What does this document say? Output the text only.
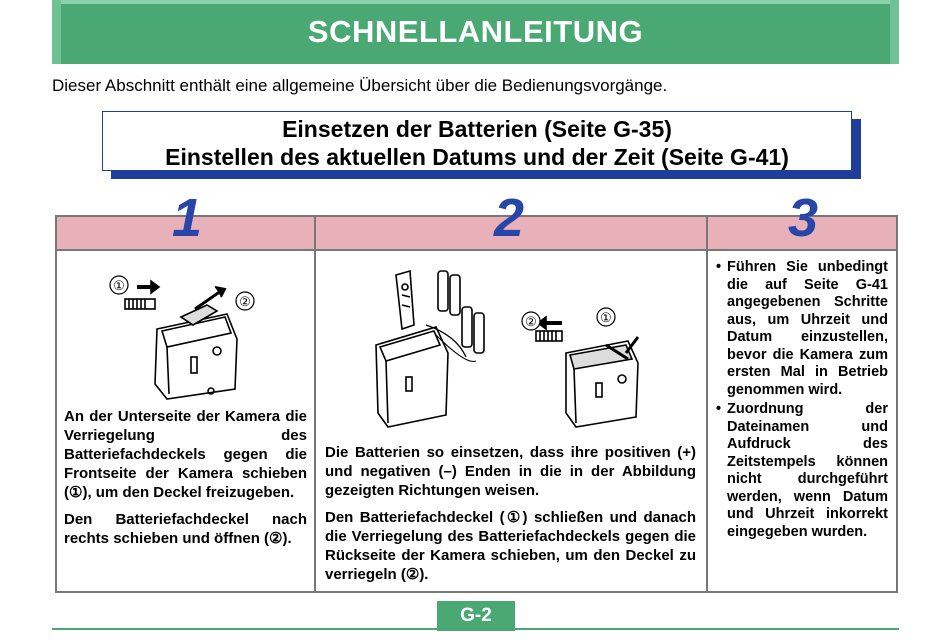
SCHNELLANLEITUNG
Dieser Abschnitt enthält eine allgemeine Übersicht über die Bedienungsvorgänge.
Einsetzen der Batterien (Seite G-35)
Einstellen des aktuellen Datums und der Zeit (Seite G-41)
1
①
②

An der Unterseite der Kamera die Verriegelung des Batteriefachdeckels gegen die Frontseite der Kamera schieben (①), um den Deckel freizugeben.

Den Batteriefachdeckel nach rechts schieben und öffnen (②).

2
②	①

Die Batterien so einsetzen, dass ihre positiven (+) und negativen (–) Enden in die in der Abbildung gezeigten Richtungen weisen.

Den Batteriefachdeckel (①) schließen und danach die Verriegelung des Batteriefachdeckels gegen die Rückseite der Kamera schieben, um den Deckel zu verriegeln (②).

3
• Führen Sie unbedingt die auf Seite G-41 angegebenen Schritte aus, um Uhrzeit und Datum einzustellen, bevor die Kamera zum ersten Mal in Betrieb genommen wird.
• Zuordnung der Dateinamen und Aufdruck des Zeitstempels können nicht durchgeführt werden, wenn Datum und Uhrzeit inkorrekt eingegeben wurden.
G-2
